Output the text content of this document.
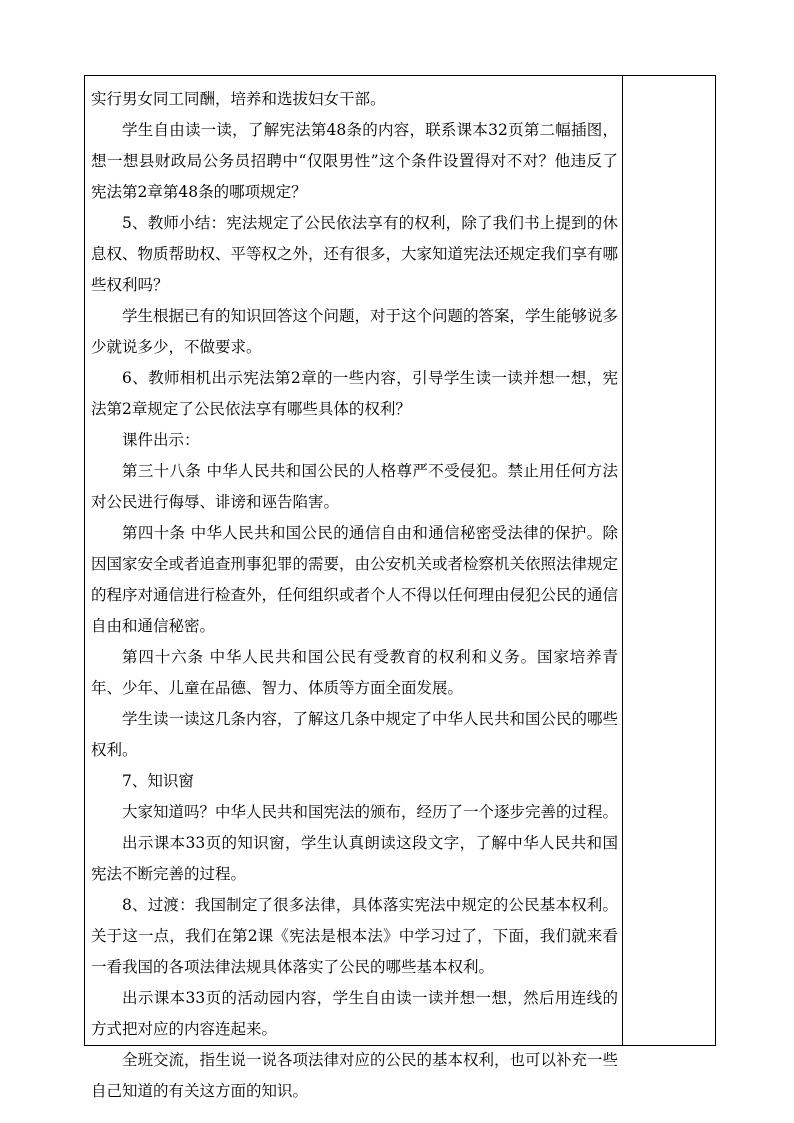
实行男女同工同酬，培养和选拔妇女干部。

学生自由读一读，了解宪法第48条的内容，联系课本32页第二幅插图，想一想县财政局公务员招聘中“仅限男性”这个条件设置得对不对？他违反了宪法第2章第48条的哪项规定？

5、教师小结：宪法规定了公民依法享有的权利，除了我们书上提到的休息权、物质帮助权、平等权之外，还有很多，大家知道宪法还规定我们享有哪些权利吗？

学生根据已有的知识回答这个问题，对于这个问题的答案，学生能够说多少就说多少，不做要求。

6、教师相机出示宪法第2章的一些内容，引导学生读一读并想一想，宪法第2章规定了公民依法享有哪些具体的权利？

课件出示：

第三十八条 中华人民共和国公民的人格尊严不受侵犯。禁止用任何方法对公民进行侮辱、诽谤和诬告陷害。

第四十条 中华人民共和国公民的通信自由和通信秘密受法律的保护。除因国家安全或者追查刑事犯罪的需要，由公安机关或者检察机关依照法律规定的程序对通信进行检查外，任何组织或者个人不得以任何理由侵犯公民的通信自由和通信秘密。

第四十六条 中华人民共和国公民有受教育的权利和义务。国家培养青年、少年、儿童在品德、智力、体质等方面全面发展。

学生读一读这几条内容，了解这几条中规定了中华人民共和国公民的哪些权利。

7、知识窗

大家知道吗？中华人民共和国宪法的颁布，经历了一个逐步完善的过程。

出示课本33页的知识窗，学生认真朗读这段文字，了解中华人民共和国宪法不断完善的过程。

8、过渡：我国制定了很多法律，具体落实宪法中规定的公民基本权利。关于这一点，我们在第2课《宪法是根本法》中学习过了，下面，我们就来看一看我国的各项法律法规具体落实了公民的哪些基本权利。

出示课本33页的活动园内容，学生自由读一读并想一想，然后用连线的方式把对应的内容连起来。

全班交流，指生说一说各项法律对应的公民的基本权利，也可以补充一些自己知道的有关这方面的知识。
